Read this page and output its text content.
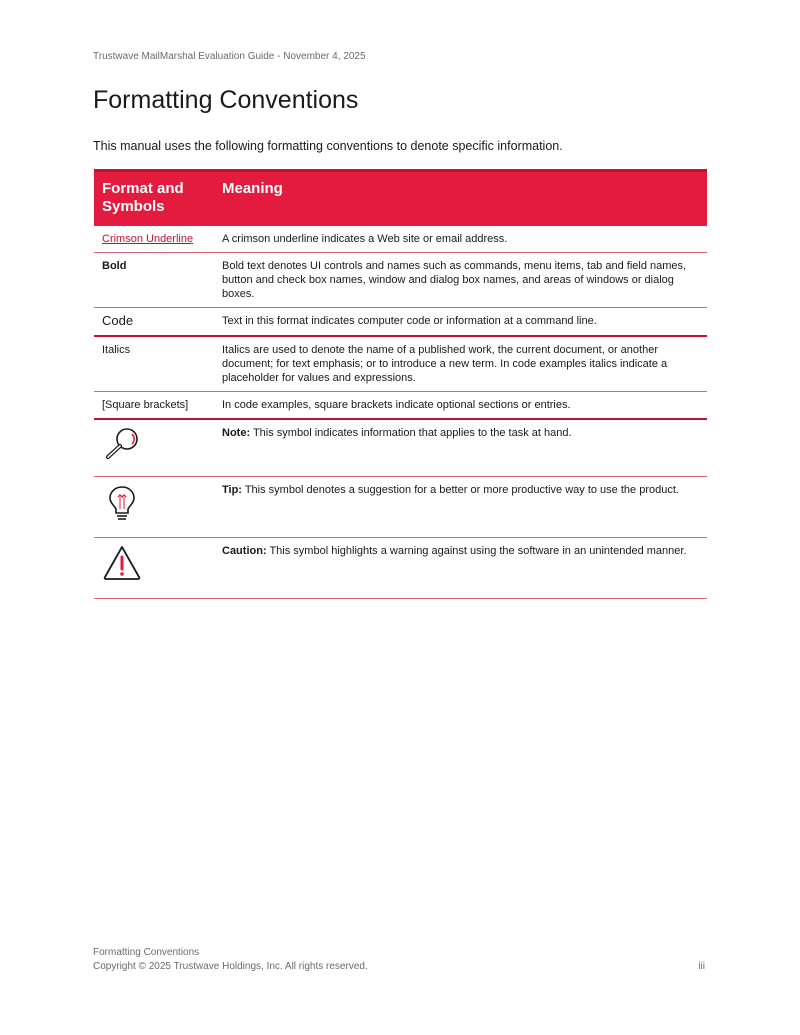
Trustwave MailMarshal Evaluation Guide - November 4, 2025
Formatting Conventions

This manual uses the following formatting conventions to denote specific information.

Format and Symbols	Meaning
Crimson Underline	A crimson underline indicates a Web site or email address.
Bold	Bold text denotes UI controls and names such as commands, menu items, tab and field names, button and check box names, window and dialog box names, and areas of windows or dialog boxes.
Code	Text in this format indicates computer code or information at a command line.
Italics	Italics are used to denote the name of a published work, the current document, or another document; for text emphasis; or to introduce a new term. In code examples italics indicate a placeholder for values and expressions.
[Square brackets]	In code examples, square brackets indicate optional sections or entries.

	Note: This symbol indicates information that applies to the task at hand.

	Tip: This symbol denotes a suggestion for a better or more productive way to use the product.

	Caution: This symbol highlights a warning against using the software in an unintended manner.
Formatting Conventions
Copyright © 2025 Trustwave Holdings, Inc. All rights reserved.	iii
